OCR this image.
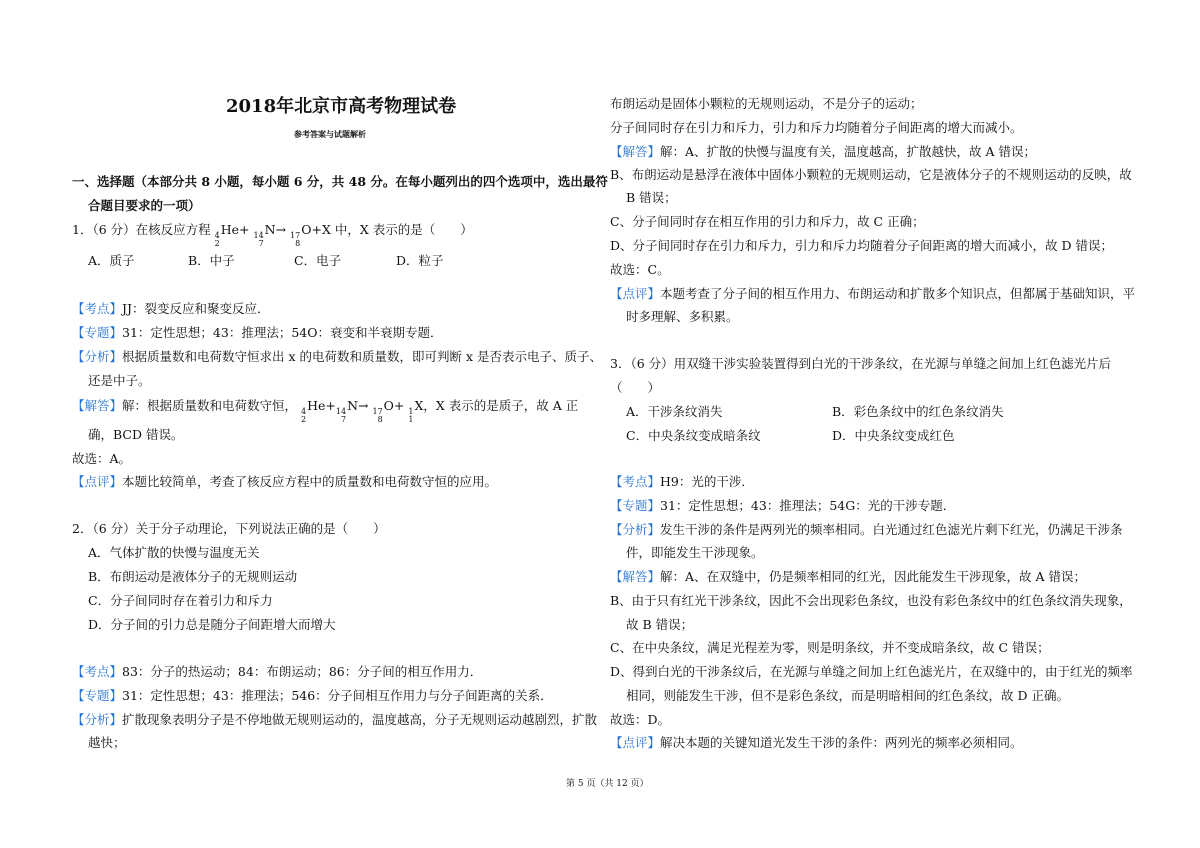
2018年北京市高考物理试卷
参考答案与试题解析
一、选择题（本部分共 8 小题，每小题 6 分，共 48 分。在每小题列出的四个选项中，选出最符
合题目要求的一项）
1．（6 分）在核反应方程 4
2
He+ 14
7
N→ 17
8
O+X 中，X 表示的是（　　）
A．质子	B．中子	C．电子	D．粒子
【考点】JJ：裂变反应和聚变反应．
【专题】31：定性思想；43：推理法；54O：衰变和半衰期专题．
【分析】根据质量数和电荷数守恒求出 x 的电荷数和质量数，即可判断 x 是否表示电子、质子、
还是中子。
【解答】解：根据质量数和电荷数守恒， 4
2
He+ 14
7
N→ 17
8
O+ 1
1
X，X 表示的是质子，故 A 正
确，BCD 错误。
故选：A。
【点评】本题比较简单，考查了核反应方程中的质量数和电荷数守恒的应用。
2．（6 分）关于分子动理论，下列说法正确的是（　　）
A．气体扩散的快慢与温度无关
B．布朗运动是液体分子的无规则运动
C．分子间同时存在着引力和斥力
D．分子间的引力总是随分子间距增大而增大
【考点】83：分子的热运动；84：布朗运动；86：分子间的相互作用力．
【专题】31：定性思想；43：推理法；546：分子间相互作用力与分子间距离的关系．
【分析】扩散现象表明分子是不停地做无规则运动的，温度越高，分子无规则运动越剧烈，扩散
越快；
布朗运动是固体小颗粒的无规则运动，不是分子的运动；
分子间同时存在引力和斥力，引力和斥力均随着分子间距离的增大而减小。
【解答】解：A、扩散的快慢与温度有关，温度越高，扩散越快，故 A 错误；
B、布朗运动是悬浮在液体中固体小颗粒的无规则运动，它是液体分子的不规则运动的反映，故
B 错误；
C、分子间同时存在相互作用的引力和斥力，故 C 正确；
D、分子间同时存在引力和斥力，引力和斥力均随着分子间距离的增大而减小，故 D 错误；
故选：C。
【点评】本题考查了分子间的相互作用力、布朗运动和扩散多个知识点，但都属于基础知识，平
时多理解、多积累。
3．（6 分）用双缝干涉实验装置得到白光的干涉条纹，在光源与单缝之间加上红色滤光片后
（　　）
A．干涉条纹消失	B．彩色条纹中的红色条纹消失
C．中央条纹变成暗条纹	D．中央条纹变成红色
【考点】H9：光的干涉．
【专题】31：定性思想；43：推理法；54G：光的干涉专题．
【分析】发生干涉的条件是两列光的频率相同。白光通过红色滤光片剩下红光，仍满足干涉条
件，即能发生干涉现象。
【解答】解：A、在双缝中，仍是频率相同的红光，因此能发生干涉现象，故 A 错误；
B、由于只有红光干涉条纹，因此不会出现彩色条纹，也没有彩色条纹中的红色条纹消失现象，
故 B 错误；
C、在中央条纹，满足光程差为零，则是明条纹，并不变成暗条纹，故 C 错误；
D、得到白光的干涉条纹后，在光源与单缝之间加上红色滤光片，在双缝中的，由于红光的频率
相同，则能发生干涉，但不是彩色条纹，而是明暗相间的红色条纹，故 D 正确。
故选：D。
【点评】解决本题的关键知道光发生干涉的条件：两列光的频率必须相同。
第 5 页（共 12 页）
